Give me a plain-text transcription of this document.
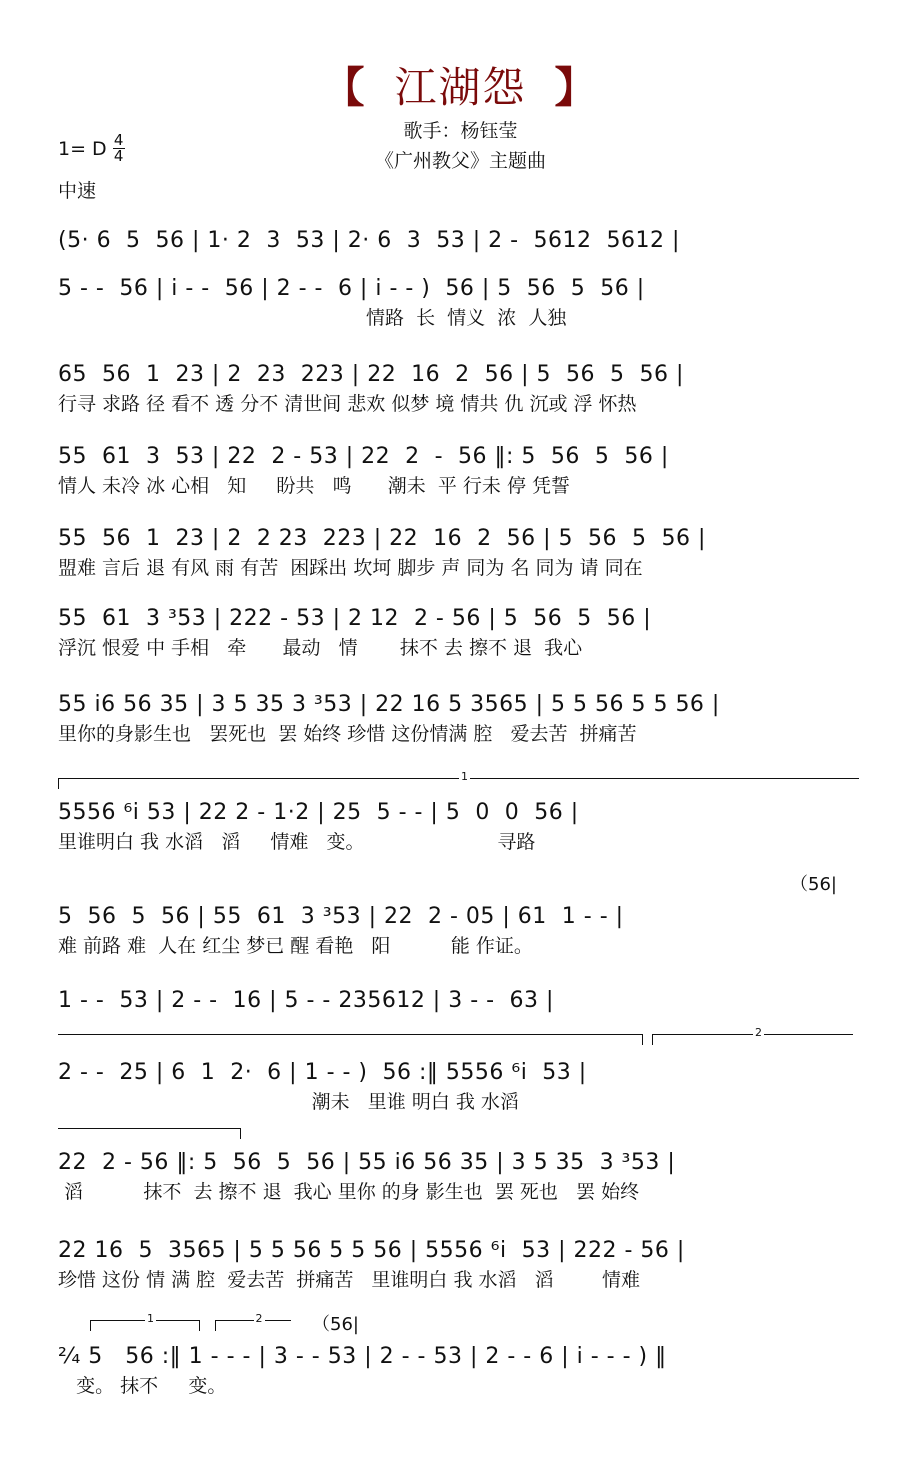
【 江湖怨 】
歌手：杨钰莹
《广州教父》主题曲
1= D $\frac{4}{4}$
中速
(5· 6  5  56 | 1· 2  3  53 | 2· 6  3  53 | 2 -  5612  5612 |
5 - -  56 | i - -  56 | 2 - -  6 | i - - )  56 | 5  56  5  56 |
情路  长  情义  浓  人独
65  56  1  23 | 2  23  223 | 22  16  2  56 | 5  56  5  56 |
行寻 求路 径 看不 透 分不 清世间 悲欢 似梦 境 情共 仇 沉或 浮 怀热
55  61  3  53 | 22  2 - 53 | 22  2  -  56 ‖: 5  56  5  56 |
情人 未冷 冰 心相   知     盼共   鸣      潮未  平 行未 停 凭誓
55  56  1  23 | 2  2 23  223 | 22  16  2  56 | 5  56  5  56 |
盟难 言后 退 有风 雨 有苦  困踩出 坎坷 脚步 声 同为 名 同为 请 同在
55  61  3 ³53 | 222 - 53 | 2 12  2 - 56 | 5  56  5  56 |
浮沉 恨爱 中 手相   牵      最动   情       抹不 去 擦不 退  我心
55 i6 56 35 | 3 5 35 3 ³53 | 22 16 5 3565 | 5 5 56 5 5 56 |
里你的身影生也   罢死也  罢 始终 珍惜 这份情满 腔   爱去苦  拼痛苦
1
5556 ⁶i 53 | 22 2 - 1·2 | 25  5 - - | 5  0  0  56 |
里谁明白 我 水滔   滔     情难   变。                      寻路
（56|
5  56  5  56 | 55  61  3 ³53 | 22  2 - 05 | 61  1 - - |
难 前路 难  人在 红尘 梦已 醒 看艳   阳          能 作证。
1 - -  53 | 2 - -  16 | 5 - - 235612 | 3 - -  63 |
2
2 - -  25 | 6  1  2·  6 | 1 - - )  56 :‖ 5556 ⁶i  53 |
潮未   里谁 明白 我 水滔
22  2 - 56 ‖: 5  56  5  56 | 55 i6 56 35 | 3 5 35  3 ³53 |
滔          抹不  去 擦不 退  我心 里你 的身 影生也  罢 死也   罢 始终
22 16  5  3565 | 5 5 56 5 5 56 | 5556 ⁶i  53 | 222 - 56 |
珍惜 这份 情 满 腔  爱去苦  拼痛苦   里谁明白 我 水滔   滔        情难
1	2	（56|
²⁄₄ 5   56 :‖ 1 - - - | 3 - - 53 | 2 - - 53 | 2 - - 6 | i - - - ) ‖
变。 抹不     变。
